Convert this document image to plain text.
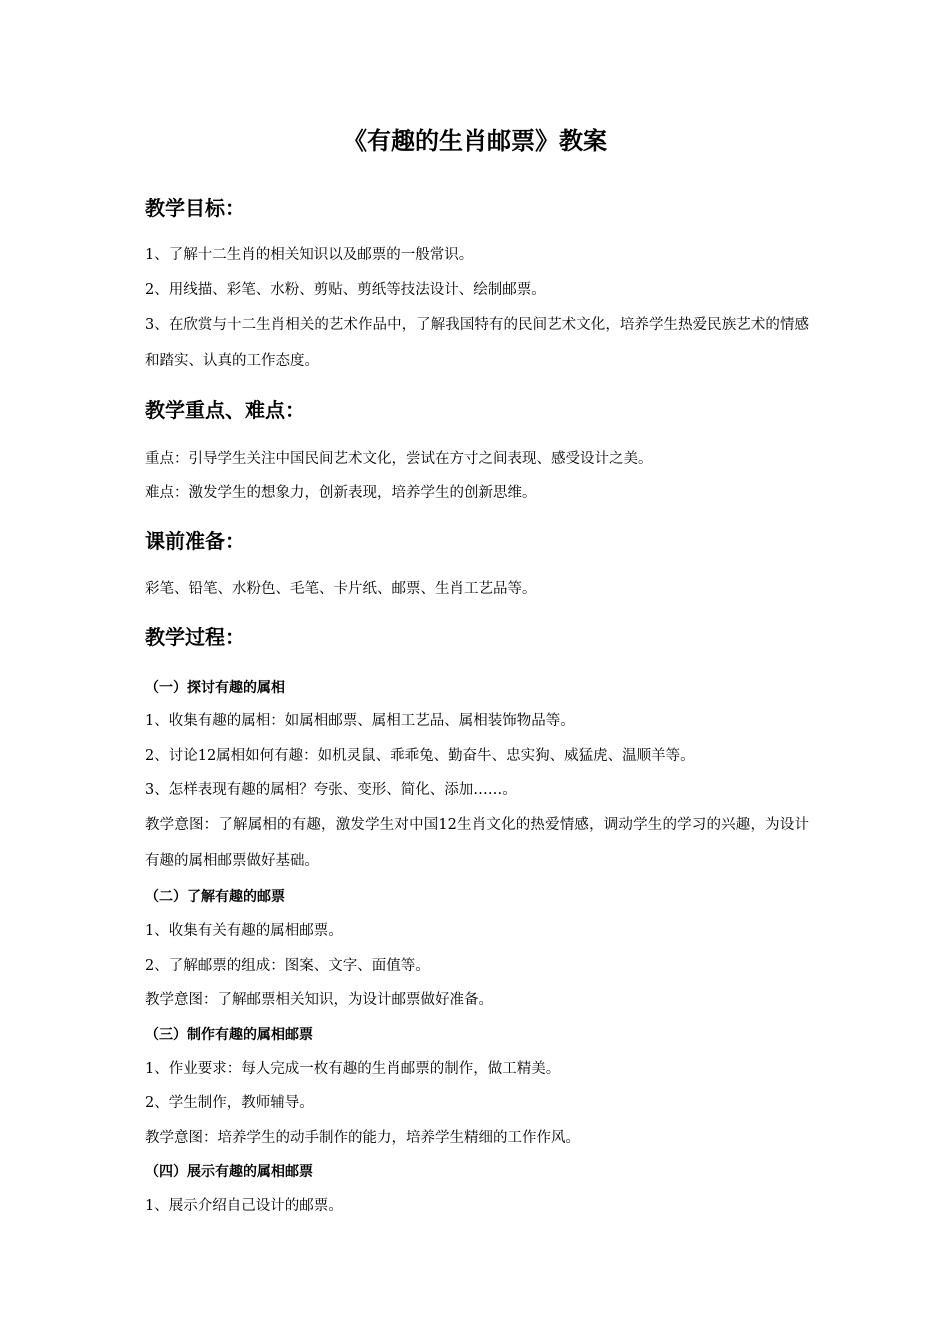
《有趣的生肖邮票》教案
教学目标：
1、了解十二生肖的相关知识以及邮票的一般常识。
2、用线描、彩笔、水粉、剪贴、剪纸等技法设计、绘制邮票。
3、在欣赏与十二生肖相关的艺术作品中，了解我国特有的民间艺术文化，培养学生热爱民族艺术的情感和踏实、认真的工作态度。
教学重点、难点：
重点：引导学生关注中国民间艺术文化，尝试在方寸之间表现、感受设计之美。
难点：激发学生的想象力，创新表现，培养学生的创新思维。
课前准备：
彩笔、铅笔、水粉色、毛笔、卡片纸、邮票、生肖工艺品等。
教学过程：
（一）探讨有趣的属相
1、收集有趣的属相：如属相邮票、属相工艺品、属相装饰物品等。
2、讨论12属相如何有趣：如机灵鼠、乖乖兔、勤奋牛、忠实狗、威猛虎、温顺羊等。
3、怎样表现有趣的属相？夸张、变形、简化、添加……。
教学意图：了解属相的有趣，激发学生对中国12生肖文化的热爱情感，调动学生的学习的兴趣，为设计有趣的属相邮票做好基础。
（二）了解有趣的邮票
1、收集有关有趣的属相邮票。
2、了解邮票的组成：图案、文字、面值等。
教学意图：了解邮票相关知识，为设计邮票做好准备。
（三）制作有趣的属相邮票
1、作业要求：每人完成一枚有趣的生肖邮票的制作，做工精美。
2、学生制作，教师辅导。
教学意图：培养学生的动手制作的能力，培养学生精细的工作作风。
（四）展示有趣的属相邮票
1、展示介绍自己设计的邮票。
